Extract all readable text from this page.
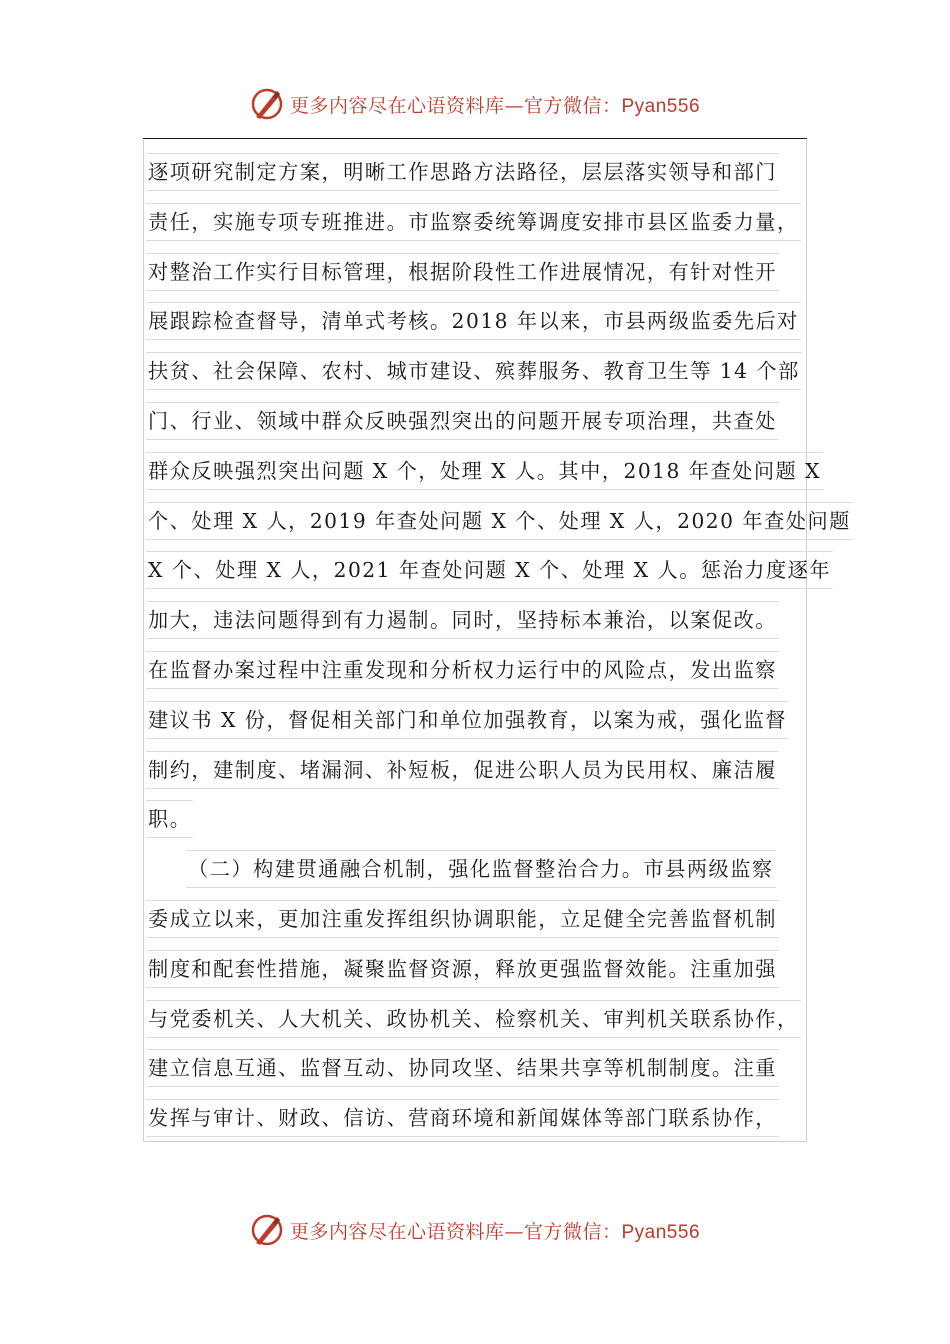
更多内容尽在心语资料库—官方微信：Pyan556
逐项研究制定方案，明晰工作思路方法路径，层层落实领导和部门
责任，实施专项专班推进。市监察委统筹调度安排市县区监委力量，
对整治工作实行目标管理，根据阶段性工作进展情况，有针对性开
展跟踪检查督导，清单式考核。2018 年以来，市县两级监委先后对
扶贫、社会保障、农村、城市建设、殡葬服务、教育卫生等 14 个部
门、行业、领域中群众反映强烈突出的问题开展专项治理，共查处
群众反映强烈突出问题 X 个，处理 X 人。其中，2018 年查处问题 X
个、处理 X 人，2019 年查处问题 X 个、处理 X 人，2020 年查处问题
X 个、处理 X 人，2021 年查处问题 X 个、处理 X 人。惩治力度逐年
加大，违法问题得到有力遏制。同时，坚持标本兼治，以案促改。
在监督办案过程中注重发现和分析权力运行中的风险点，发出监察
建议书 X 份，督促相关部门和单位加强教育，以案为戒，强化监督
制约，建制度、堵漏洞、补短板，促进公职人员为民用权、廉洁履
职。
（二）构建贯通融合机制，强化监督整治合力。市县两级监察
委成立以来，更加注重发挥组织协调职能，立足健全完善监督机制
制度和配套性措施，凝聚监督资源，释放更强监督效能。注重加强
与党委机关、人大机关、政协机关、检察机关、审判机关联系协作，
建立信息互通、监督互动、协同攻坚、结果共享等机制制度。注重
发挥与审计、财政、信访、营商环境和新闻媒体等部门联系协作，
更多内容尽在心语资料库—官方微信：Pyan556
